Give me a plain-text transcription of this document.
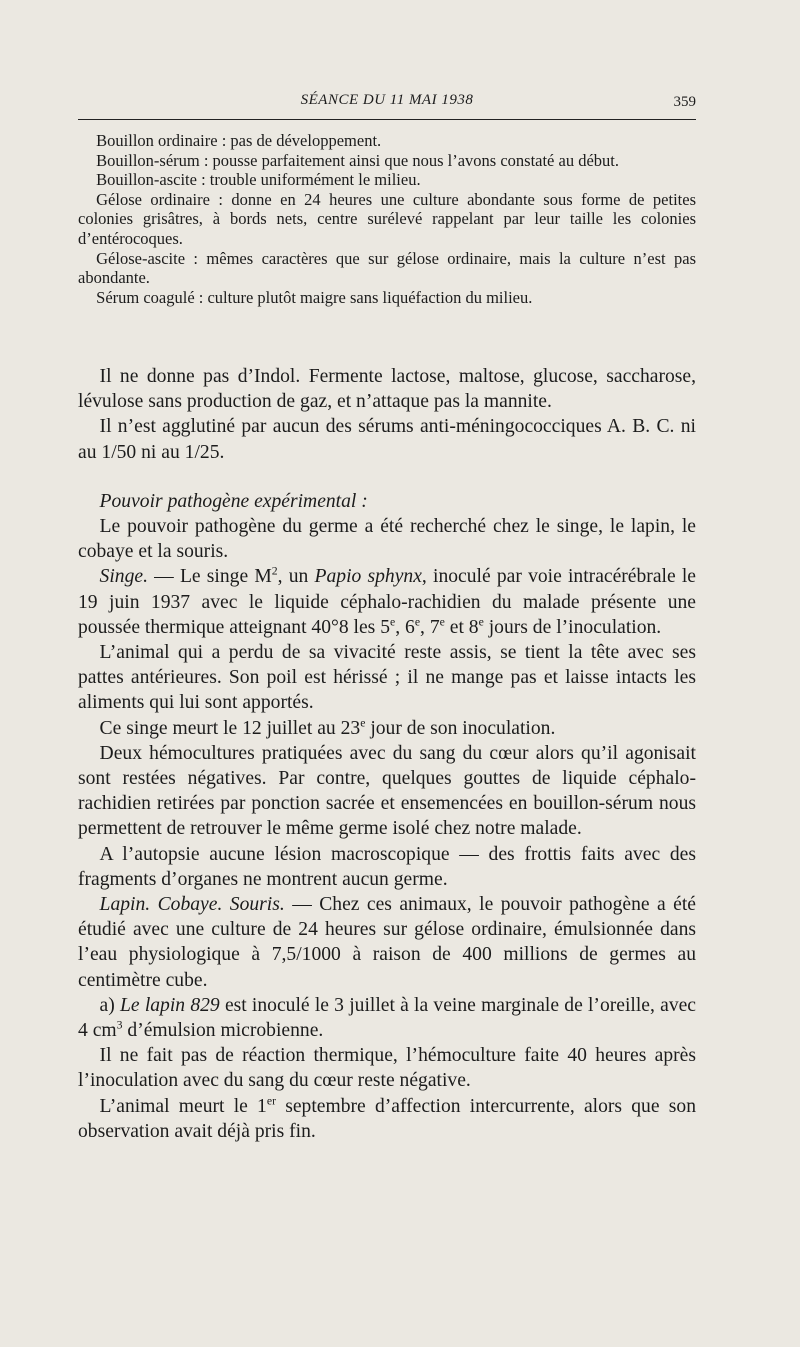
SÉANCE DU 11 MAI 1938	359

Bouillon ordinaire : pas de développement.

Bouillon-sérum : pousse parfaitement ainsi que nous l’avons constaté au début.

Bouillon-ascite : trouble uniformément le milieu.

Gélose ordinaire : donne en 24 heures une culture abondante sous forme de petites colonies grisâtres, à bords nets, centre surélevé rappelant par leur taille les colonies d’entérocoques.

Gélose-ascite : mêmes caractères que sur gélose ordinaire, mais la culture n’est pas abondante.

Sérum coagulé : culture plutôt maigre sans liquéfaction du milieu.

Il ne donne pas d’Indol. Fermente lactose, maltose, glucose, saccharose, lévulose sans production de gaz, et n’attaque pas la mannite.

Il n’est agglutiné par aucun des sérums anti-méningococciques A. B. C. ni au 1/50 ni au 1/25.

Pouvoir pathogène expérimental :

Le pouvoir pathogène du germe a été recherché chez le singe, le lapin, le cobaye et la souris.

Singe. — Le singe $M^2$, un Papio sphynx, inoculé par voie intracérébrale le 19 juin 1937 avec le liquide céphalo-rachidien du malade présente une poussée thermique atteignant 40°8 les 5e, 6e, 7e et 8e jours de l’inoculation.

L’animal qui a perdu de sa vivacité reste assis, se tient la tête avec ses pattes antérieures. Son poil est hérissé ; il ne mange pas et laisse intacts les aliments qui lui sont apportés.

Ce singe meurt le 12 juillet au 23e jour de son inoculation.

Deux hémocultures pratiquées avec du sang du cœur alors qu’il agonisait sont restées négatives. Par contre, quelques gouttes de liquide céphalo-rachidien retirées par ponction sacrée et ensemencées en bouillon-sérum nous permettent de retrouver le même germe isolé chez notre malade.

A l’autopsie aucune lésion macroscopique — des frottis faits avec des fragments d’organes ne montrent aucun germe.

Lapin. Cobaye. Souris. — Chez ces animaux, le pouvoir pathogène a été étudié avec une culture de 24 heures sur gélose ordinaire, émulsionnée dans l’eau physiologique à 7,5/1000 à raison de 400 millions de germes au centimètre cube.

a) Le lapin 829 est inoculé le 3 juillet à la veine marginale de l’oreille, avec 4 $cm^3$ d’émulsion microbienne.

Il ne fait pas de réaction thermique, l’hémoculture faite 40 heures après l’inoculation avec du sang du cœur reste négative.

L’animal meurt le 1er septembre d’affection intercurrente, alors que son observation avait déjà pris fin.
